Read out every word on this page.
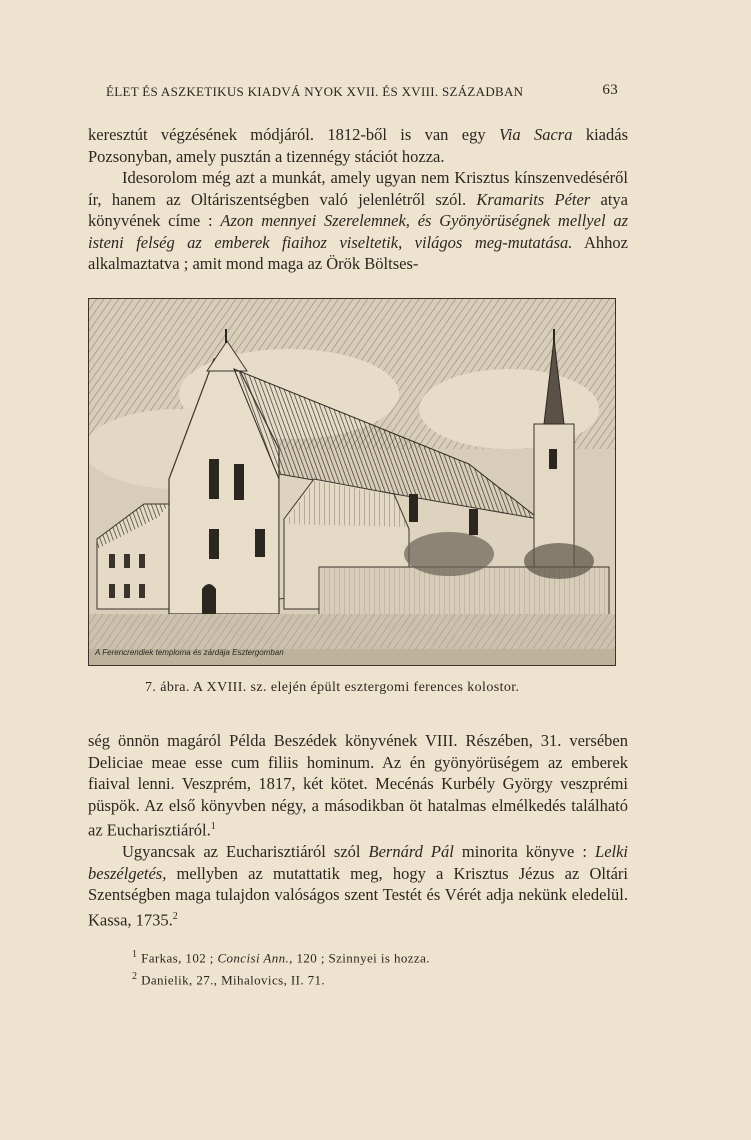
ÉLET ÉS ASZKETIKUS KIADVÁ NYOK XVII. ÉS XVIII. SZÁZADBAN	63

keresztút végzésének módjáról. 1812-ből is van egy Via Sacra kiadás Pozsonyban, amely pusztán a tizennégy stációt hozza.

Idesorolom még azt a munkát, amely ugyan nem Krisztus kínszenvedéséről ír, hanem az Oltáriszentségben való jelenlétről szól. Kramarits Péter atya könyvének címe : Azon mennyei Szerelemnek, és Gyönyörüségnek mellyel az isteni felség az emberek fiaihoz viseltetik, világos meg-mutatása. Ahhoz alkalmaztatva ; amit mond maga az Örök Böltses-

A Ferencrendiek temploma és zárdája Esztergomban
7. ábra. A XVIII. sz. elején épült esztergomi ferences kolostor.

ség önnön magáról Példa Beszédek könyvének VIII. Részében, 31. versében Deliciae meae esse cum filiis hominum. Az én gyönyörüségem az emberek fiaival lenni. Veszprém, 1817, két kötet. Mecénás Kurbély György veszprémi püspök. Az első könyvben négy, a másodikban öt hatalmas elmélkedés található az Eucharisztiáról.$^1$

Ugyancsak az Eucharisztiáról szól Bernárd Pál minorita könyve : Lelki beszélgetés, mellyben az mutattatik meg, hogy a Krisztus Jézus az Oltári Szentségben maga tulajdon valóságos szent Testét és Vérét adja nekünk eledelül. Kassa, 1735.$^2$

$^1$ Farkas, 102 ; Concisi Ann., 120 ; Szinnyei is hozza.
$^2$ Danielik, 27., Mihalovics, II. 71.
